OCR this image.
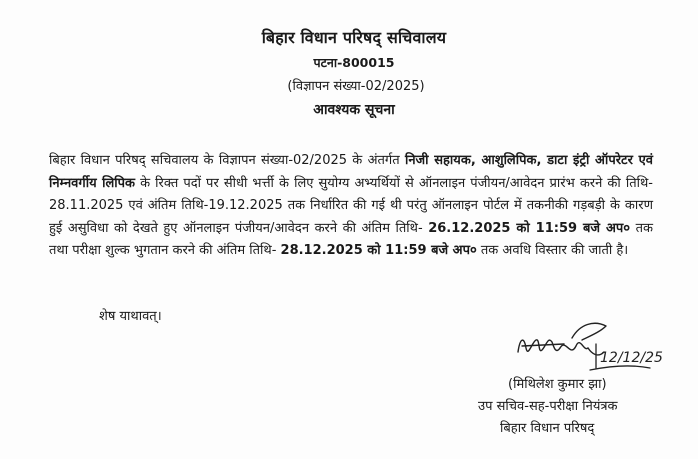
बिहार विधान परिषद् सचिवालय
पटना-800015
(विज्ञापन संख्या-02/2025)
आवश्यक सूचना
बिहार विधान परिषद् सचिवालय के विज्ञापन संख्या-02/2025 के अंतर्गत निजी सहायक, आशुलिपिक, डाटा इंट्री ऑपरेटर एवं निम्नवर्गीय लिपिक के रिक्त पदों पर सीधी भर्त्ती के लिए सुयोग्य अभ्यर्थियों से ऑनलाइन पंजीयन/आवेदन प्रारंभ करने की तिथि- 28.11.2025 एवं अंतिम तिथि-19.12.2025 तक निर्धारित की गई थी परंतु ऑनलाइन पोर्टल में तकनीकी गड़बड़ी के कारण हुई असुविधा को देखते हुए ऑनलाइन पंजीयन/आवेदन करने की अंतिम तिथि- 26.12.2025 को 11:59 बजे अप० तक तथा परीक्षा शुल्क भुगतान करने की अंतिम तिथि- 28.12.2025 को 11:59 बजे अप० तक अवधि विस्तार की जाती है।
शेष याथावत्।
12/12/25
(मिथिलेश कुमार झा)
उप सचिव-सह-परीक्षा नियंत्रक
बिहार विधान परिषद्
